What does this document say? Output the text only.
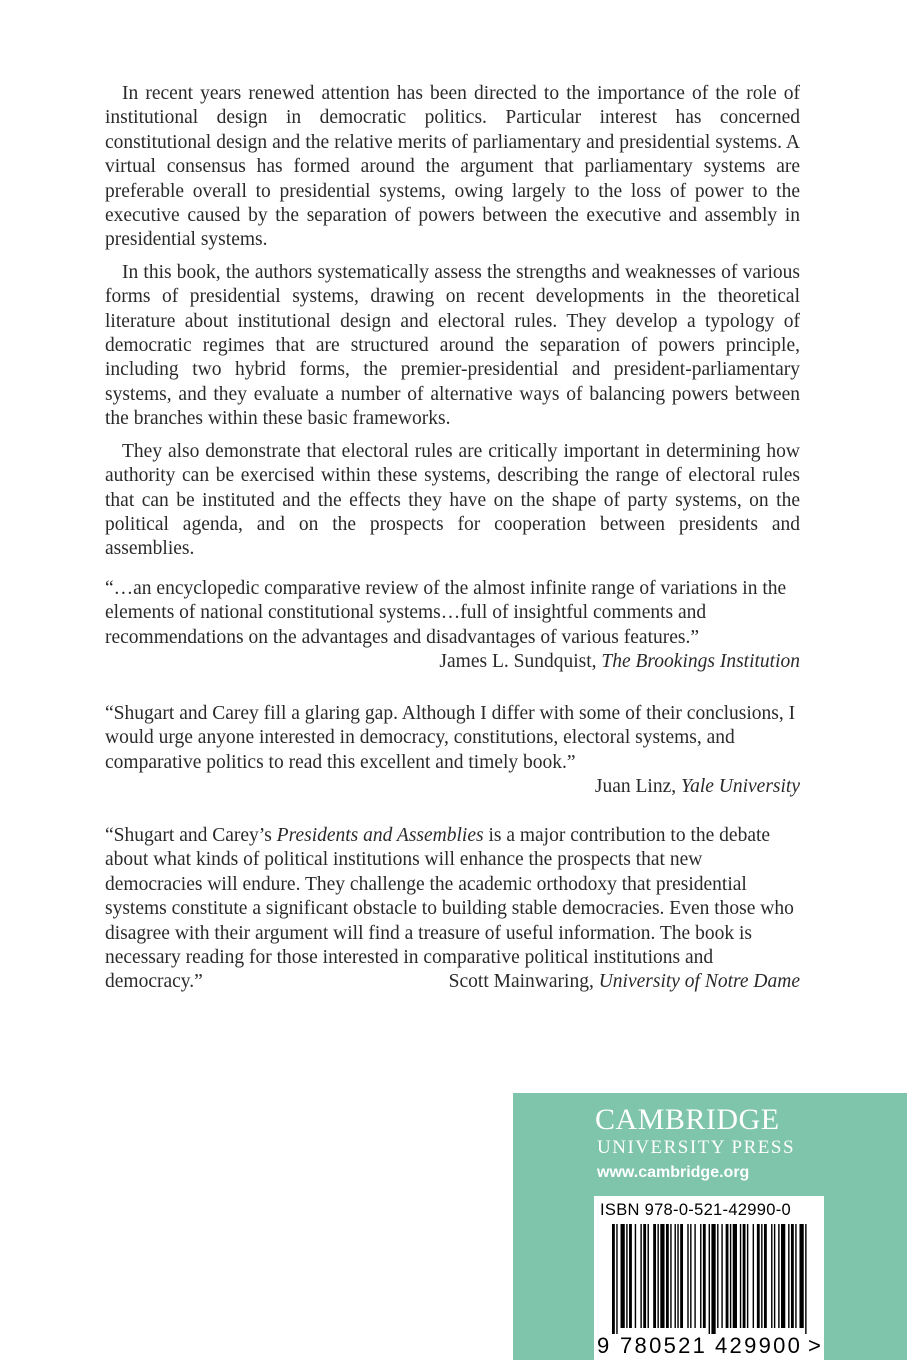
In recent years renewed attention has been directed to the importance of the role of institutional design in democratic politics. Particular interest has concerned constitutional design and the relative merits of parliamentary and presidential systems. A virtual consensus has formed around the argument that parliamentary systems are preferable overall to presidential systems, owing largely to the loss of power to the executive caused by the separation of powers between the executive and assembly in presidential systems.

In this book, the authors systematically assess the strengths and weaknesses of various forms of presidential systems, drawing on recent developments in the theoretical literature about institutional design and electoral rules. They develop a typology of democratic regimes that are structured around the separation of powers principle, including two hybrid forms, the premier-presidential and president-parliamentary systems, and they evaluate a number of alternative ways of balancing powers between the branches within these basic frameworks.

They also demonstrate that electoral rules are critically important in determining how authority can be exercised within these systems, describing the range of electoral rules that can be instituted and the effects they have on the shape of party systems, on the political agenda, and on the prospects for cooperation between presidents and assemblies.

“…an encyclopedic comparative review of the almost infinite range of variations in the elements of national constitutional systems…full of insightful comments and recommendations on the advantages and disadvantages of various features.”

James L. Sundquist, The Brookings Institution

“Shugart and Carey fill a glaring gap. Although I differ with some of their conclusions, I would urge anyone interested in democracy, constitutions, electoral systems, and comparative politics to read this excellent and timely book.”

Juan Linz, Yale University

“Shugart and Carey’s Presidents and Assemblies is a major contribution to the debate about what kinds of political institutions will enhance the prospects that new democracies will endure. They challenge the academic orthodoxy that presidential systems constitute a significant obstacle to building stable democracies. Even those who disagree with their argument will find a treasure of useful information. The book is necessary reading for those interested in comparative political institutions and democracy.”	Scott Mainwaring, University of Notre Dame

CAMBRIDGE
UNIVERSITY PRESS
www.cambridge.org
ISBN 978-0-521-42990-0
9 780521 429900 >
